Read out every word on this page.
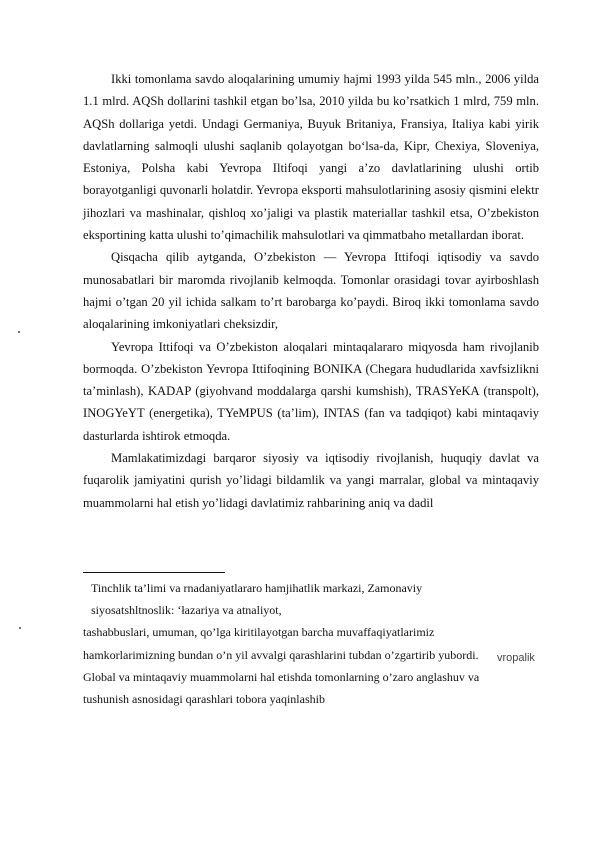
Ikki tomonlama savdo aloqalarining umumiy hajmi 1993 yilda 545 mln., 2006 yilda 1.1 mlrd. AQSh dollarini tashkil etgan bo’lsa, 2010 yilda bu ko’rsatkich 1 mlrd, 759 mln. AQSh dollariga yetdi. Undagi Germaniya, Buyuk Britaniya, Fransiya, Italiya kabi yirik davlatlarning salmoqli ulushi saqlanib qolayotgan boʻlsa-da, Kipr, Chexiya, Sloveniya, Estoniya, Polsha kabi Yevropa Iltifoqi yangi a’zo davlatlarining ulushi ortib borayotganligi quvonarli holatdir. Yevropa eksporti mahsulotlarining asosiy qismini elektr jihozlari va mashinalar, qishloq xo’jaligi va plastik materiallar tashkil etsa, O’zbekiston eksportining katta ulushi to’qimachilik mahsulotlari va qimmatbaho metallardan iborat.

Qisqacha qilib aytganda, O’zbekiston — Yevropa Ittifoqi iqtisodiy va savdo munosabatlari bir maromda rivojlanib kelmoqda. Tomonlar orasidagi tovar ayirboshlash hajmi o’tgan 20 yil ichida salkam to’rt barobarga ko’paydi. Biroq ikki tomonlama savdo aloqalarining imkoniyatlari cheksizdir,

Yevropa Ittifoqi va O’zbekiston aloqalari mintaqalararo miqyosda ham rivojlanib bormoqda. O’zbekiston Yevropa Ittifoqining BONIKA (Chegara hududlarida xavfsizlikni ta’minlash), KADAP (giyohvand moddalarga qarshi kumshish), TRASYeKA (transpolt), INOGYeYT (energetika), TYeMPUS (ta’lim), INTAS (fan va tadqiqot) kabi mintaqaviy dasturlarda ishtirok etmoqda.

Mamlakatimizdagi barqaror siyosiy va iqtisodiy rivojlanish, huquqiy davlat va fuqarolik jamiyatini qurish yo’lidagi bildamlik va yangi marralar, global va mintaqaviy muammolarni hal etish yo’lidagi davlatimiz rahbarining aniq va dadil

Tinchlik ta’limi va rnadaniyatlararo hamjihatlik markazi, Zamonaviy
siyosatshltnoslik: ‘łazariya va atnaliyot,
tashabbuslari, umuman, qo’lga kiritilayotgan barcha muvaffaqiyatlarimiz
hamkorlarimizning bundan o’n yil avvalgi qarashlarini tubdan o’zgartirib yubordi.
Global va mintaqaviy muammolarni hal etishda tomonlarning o’zaro anglashuv va
tushunish asnosidagi qarashlari tobora yaqinlashib
vropalik
